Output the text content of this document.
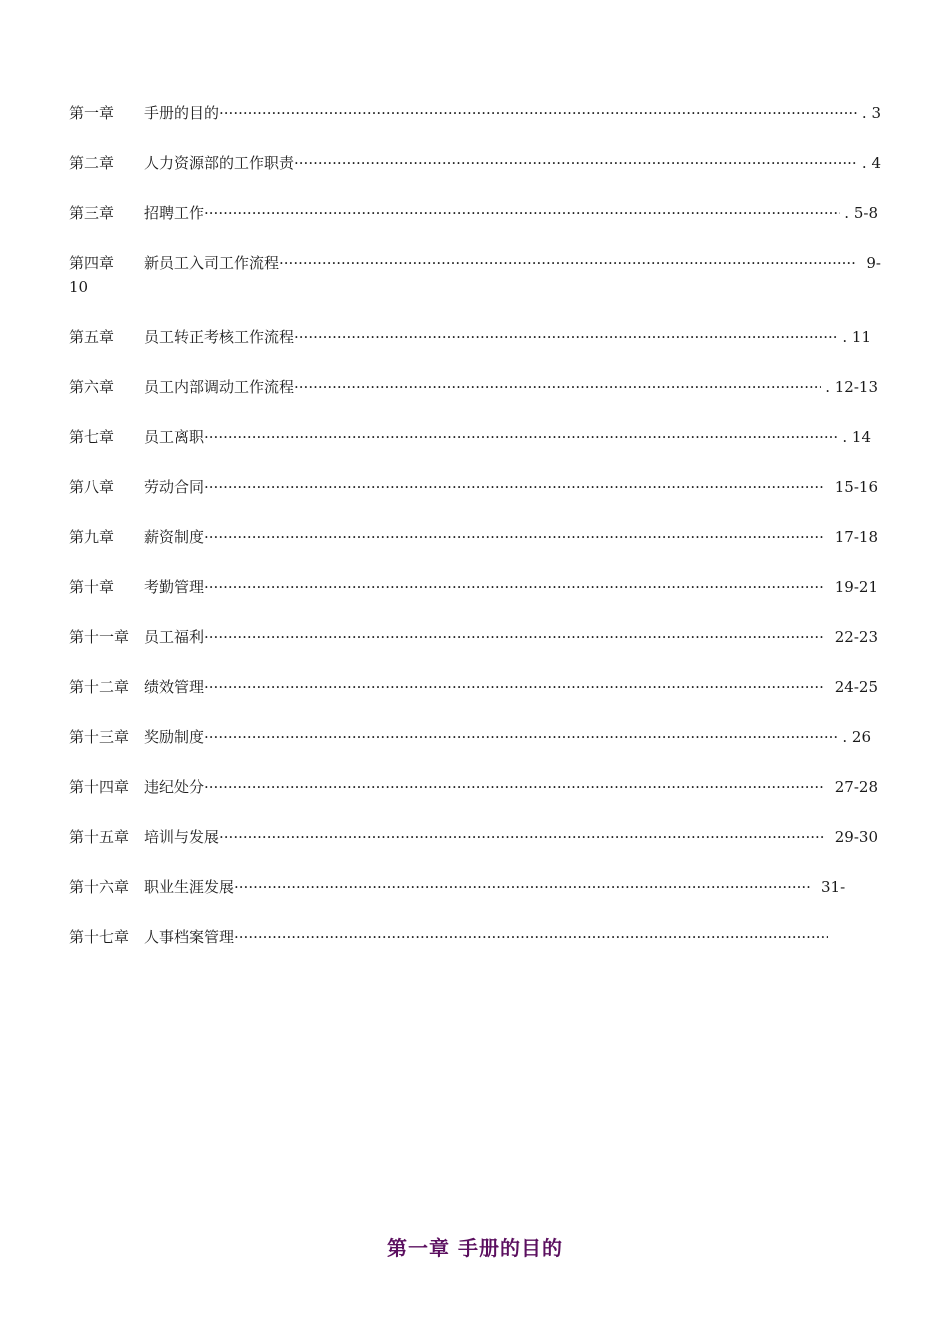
第一章	手册的目的 ·····	. 3
第二章	人力资源部的工作职责 ·····	. 4
第三章	招聘工作 ·····	. 5-8
第四章	新员工入司工作流程 ·····	9-
10
第五章	员工转正考核工作流程 ·····	. 11
第六章	员工内部调动工作流程 ·····	. 12-13
第七章	员工离职 ·····	. 14
第八章	劳动合同 ·····	15-16
第九章	薪资制度 ·····	17-18
第十章	考勤管理 ·····	19-21
第十一章 员工福利 ·····	22-23
第十二章 绩效管理 ·····	24-25
第十三章 奖励制度 ·····	. 26
第十四章 违纪处分 ·····	27-28
第十五章 培训与发展 ·····	29-30
第十六章 职业生涯发展 ·····	31-
第十七章 人事档案管理
·····
第一章 手册的目的
